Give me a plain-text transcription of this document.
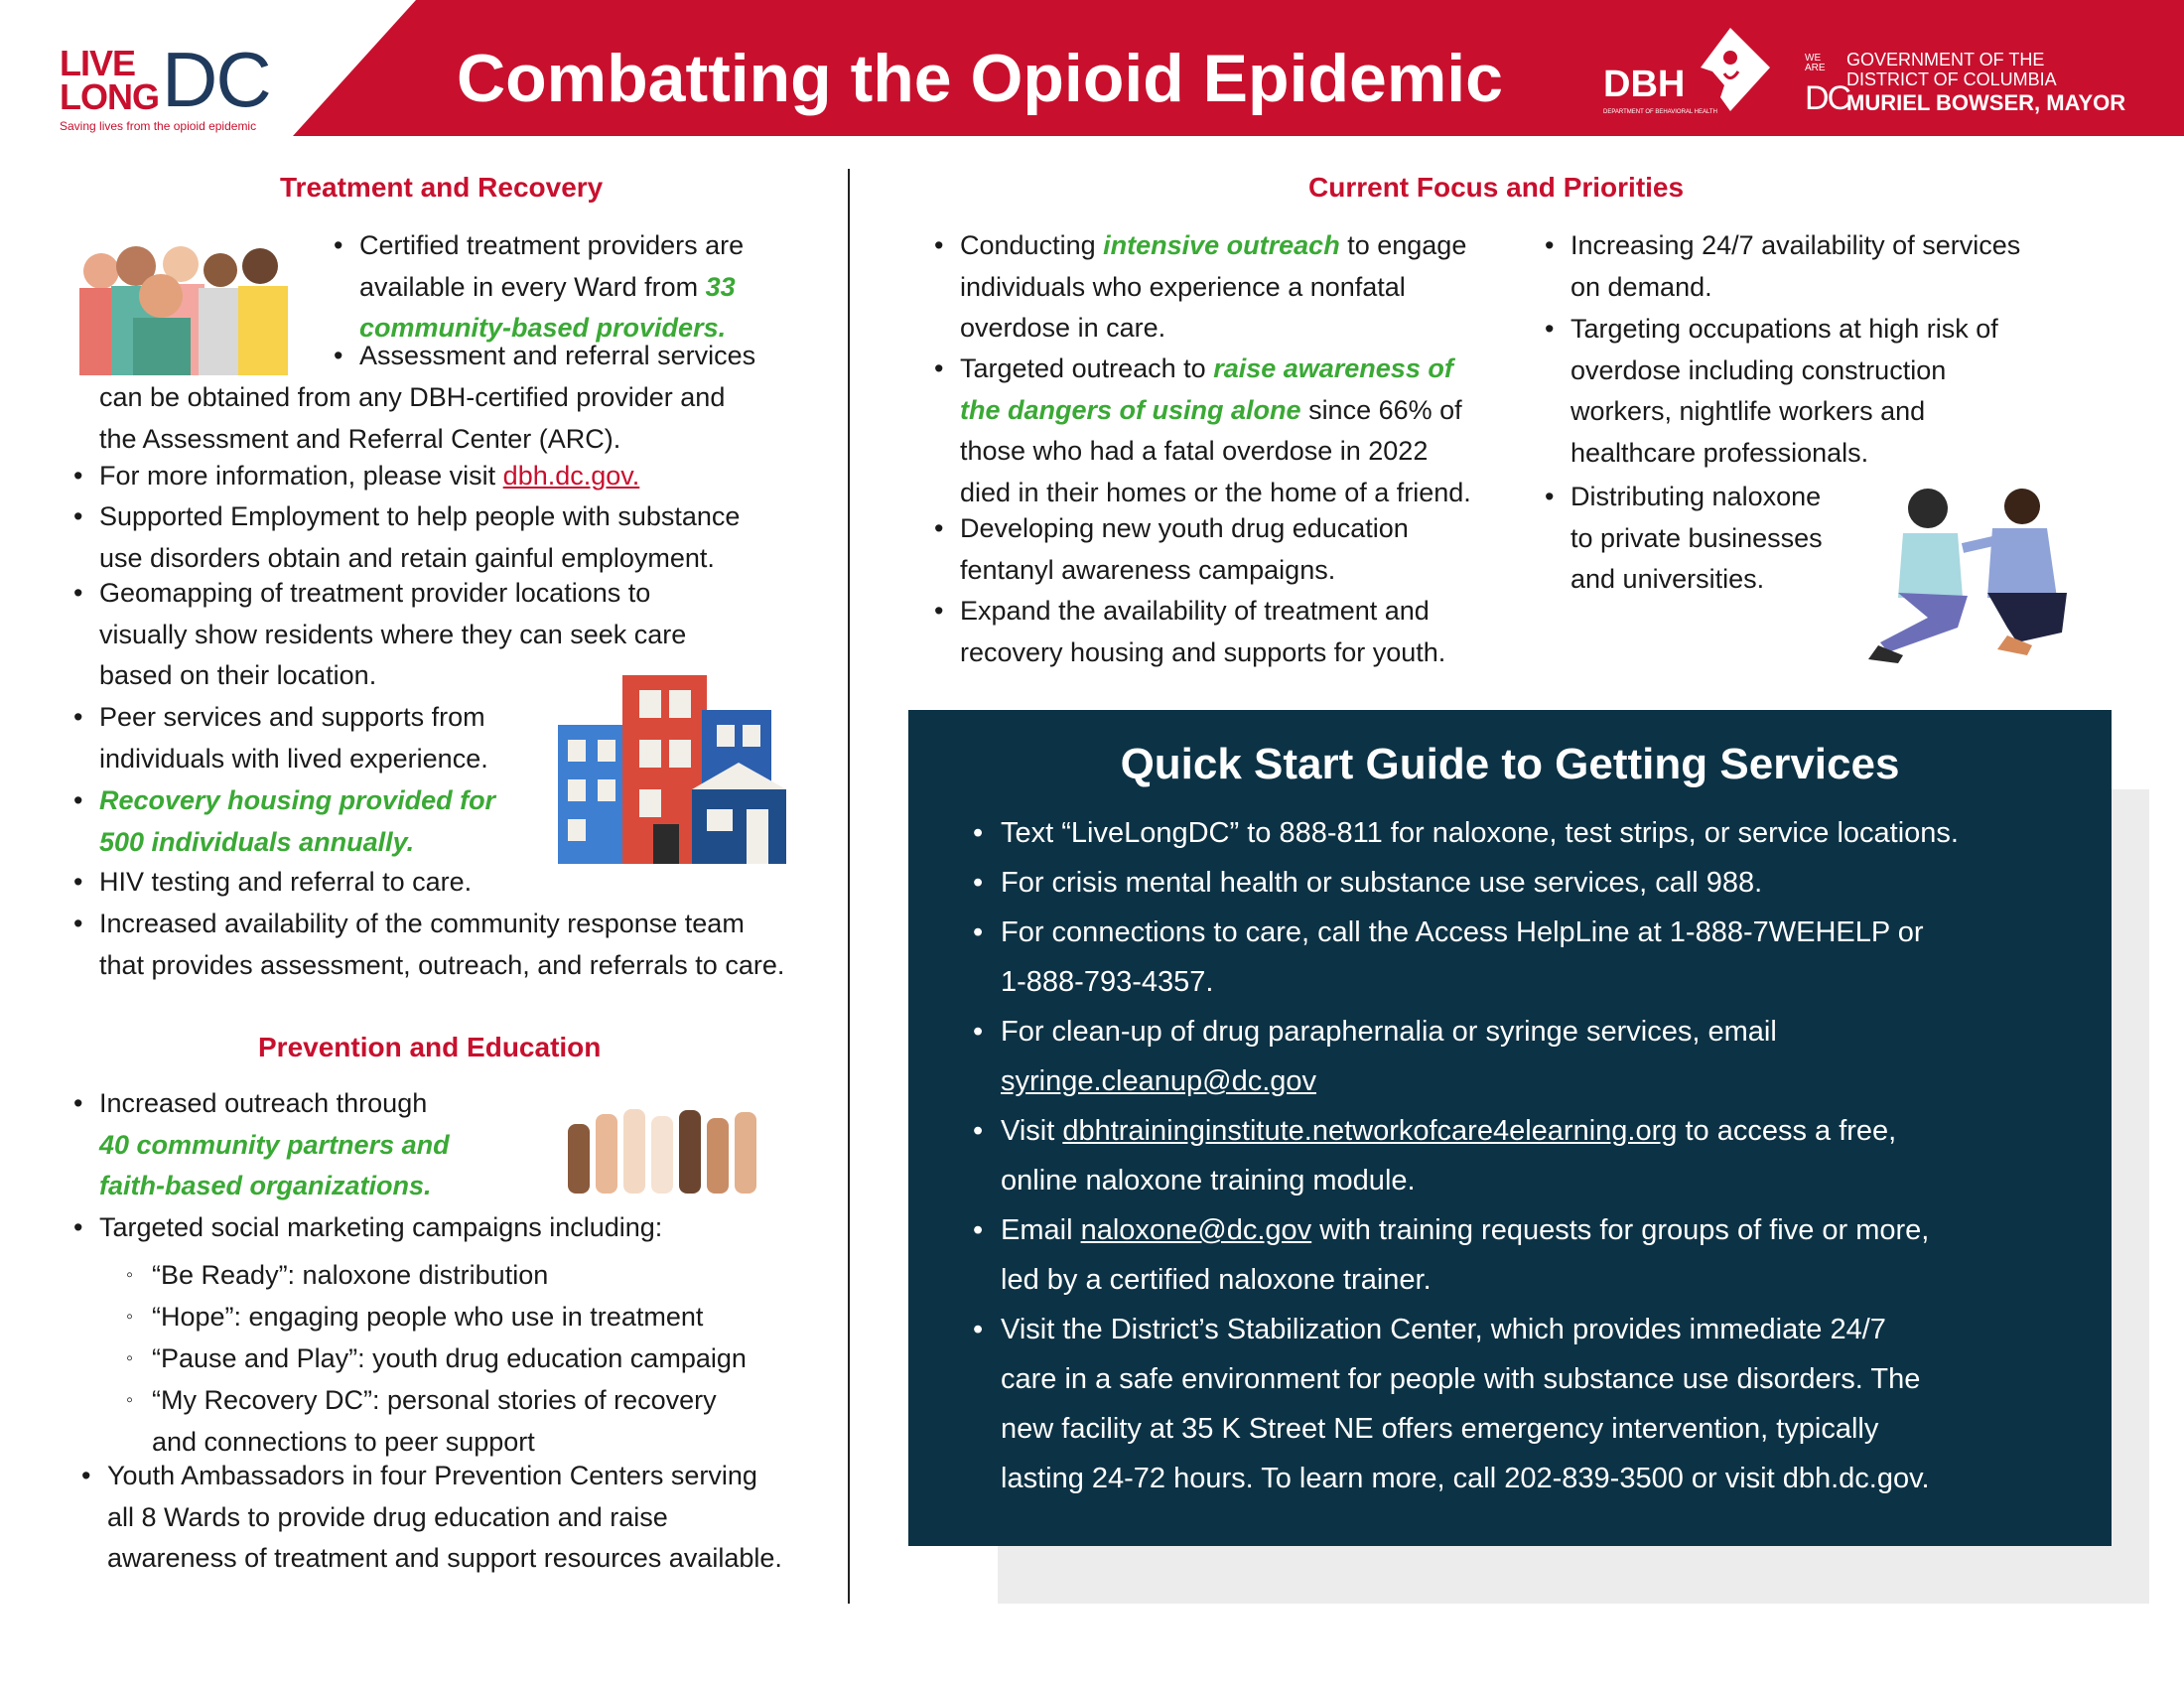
LIVE
LONG DC
Saving lives from the opioid epidemic
Combatting the Opioid Epidemic	DBH
DEPARTMENT OF BEHAVIORAL HEALTH
WE ARE
DC
GOVERNMENT OF THE
DISTRICT OF COLUMBIA
MURIEL BOWSER, MAYOR
Treatment and Recovery
• Certified treatment providers are
available in every Ward from 33
community-based providers.
• Assessment and referral services
can be obtained from any DBH-certified provider and
the Assessment and Referral Center (ARC).
• For more information, please visit dbh.dc.gov.
• Supported Employment to help people with substance
use disorders obtain and retain gainful employment.
• Geomapping of treatment provider locations to
visually show residents where they can seek care
based on their location.
• Peer services and supports from
individuals with lived experience.
• Recovery housing provided for
500 individuals annually.
• HIV testing and referral to care.
• Increased availability of the community response team
that provides assessment, outreach, and referrals to care.
Prevention and Education
• Increased outreach through
40 community partners and
faith-based organizations.
• Targeted social marketing campaigns including:
◦ “Be Ready”: naloxone distribution
◦ “Hope”: engaging people who use in treatment
◦ “Pause and Play”: youth drug education campaign
◦ “My Recovery DC”: personal stories of recovery
and connections to peer support
• Youth Ambassadors in four Prevention Centers serving
all 8 Wards to provide drug education and raise
awareness of treatment and support resources available.
Current Focus and Priorities
• Conducting intensive outreach to engage
individuals who experience a nonfatal
overdose in care.
• Targeted outreach to raise awareness of
the dangers of using alone since 66% of
those who had a fatal overdose in 2022
died in their homes or the home of a friend.
• Developing new youth drug education
fentanyl awareness campaigns.
• Expand the availability of treatment and
recovery housing and supports for youth.
• Increasing 24/7 availability of services
on demand.
• Targeting occupations at high risk of
overdose including construction
workers, nightlife workers and
healthcare professionals.
• Distributing naloxone
to private businesses
and universities.
Quick Start Guide to Getting Services
• Text “LiveLongDC” to 888-811 for naloxone, test strips, or service locations.
• For crisis mental health or substance use services, call 988.
• For connections to care, call the Access HelpLine at 1-888-7WEHELP or
1-888-793-4357.
• For clean-up of drug paraphernalia or syringe services, email
syringe.cleanup@dc.gov
• Visit dbhtraininginstitute.networkofcare4elearning.org to access a free,
online naloxone training module.
• Email naloxone@dc.gov with training requests for groups of five or more,
led by a certified naloxone trainer.
• Visit the District’s Stabilization Center, which provides immediate 24/7
care in a safe environment for people with substance use disorders. The
new facility at 35 K Street NE offers emergency intervention, typically
lasting 24-72 hours. To learn more, call 202-839-3500 or visit dbh.dc.gov.
